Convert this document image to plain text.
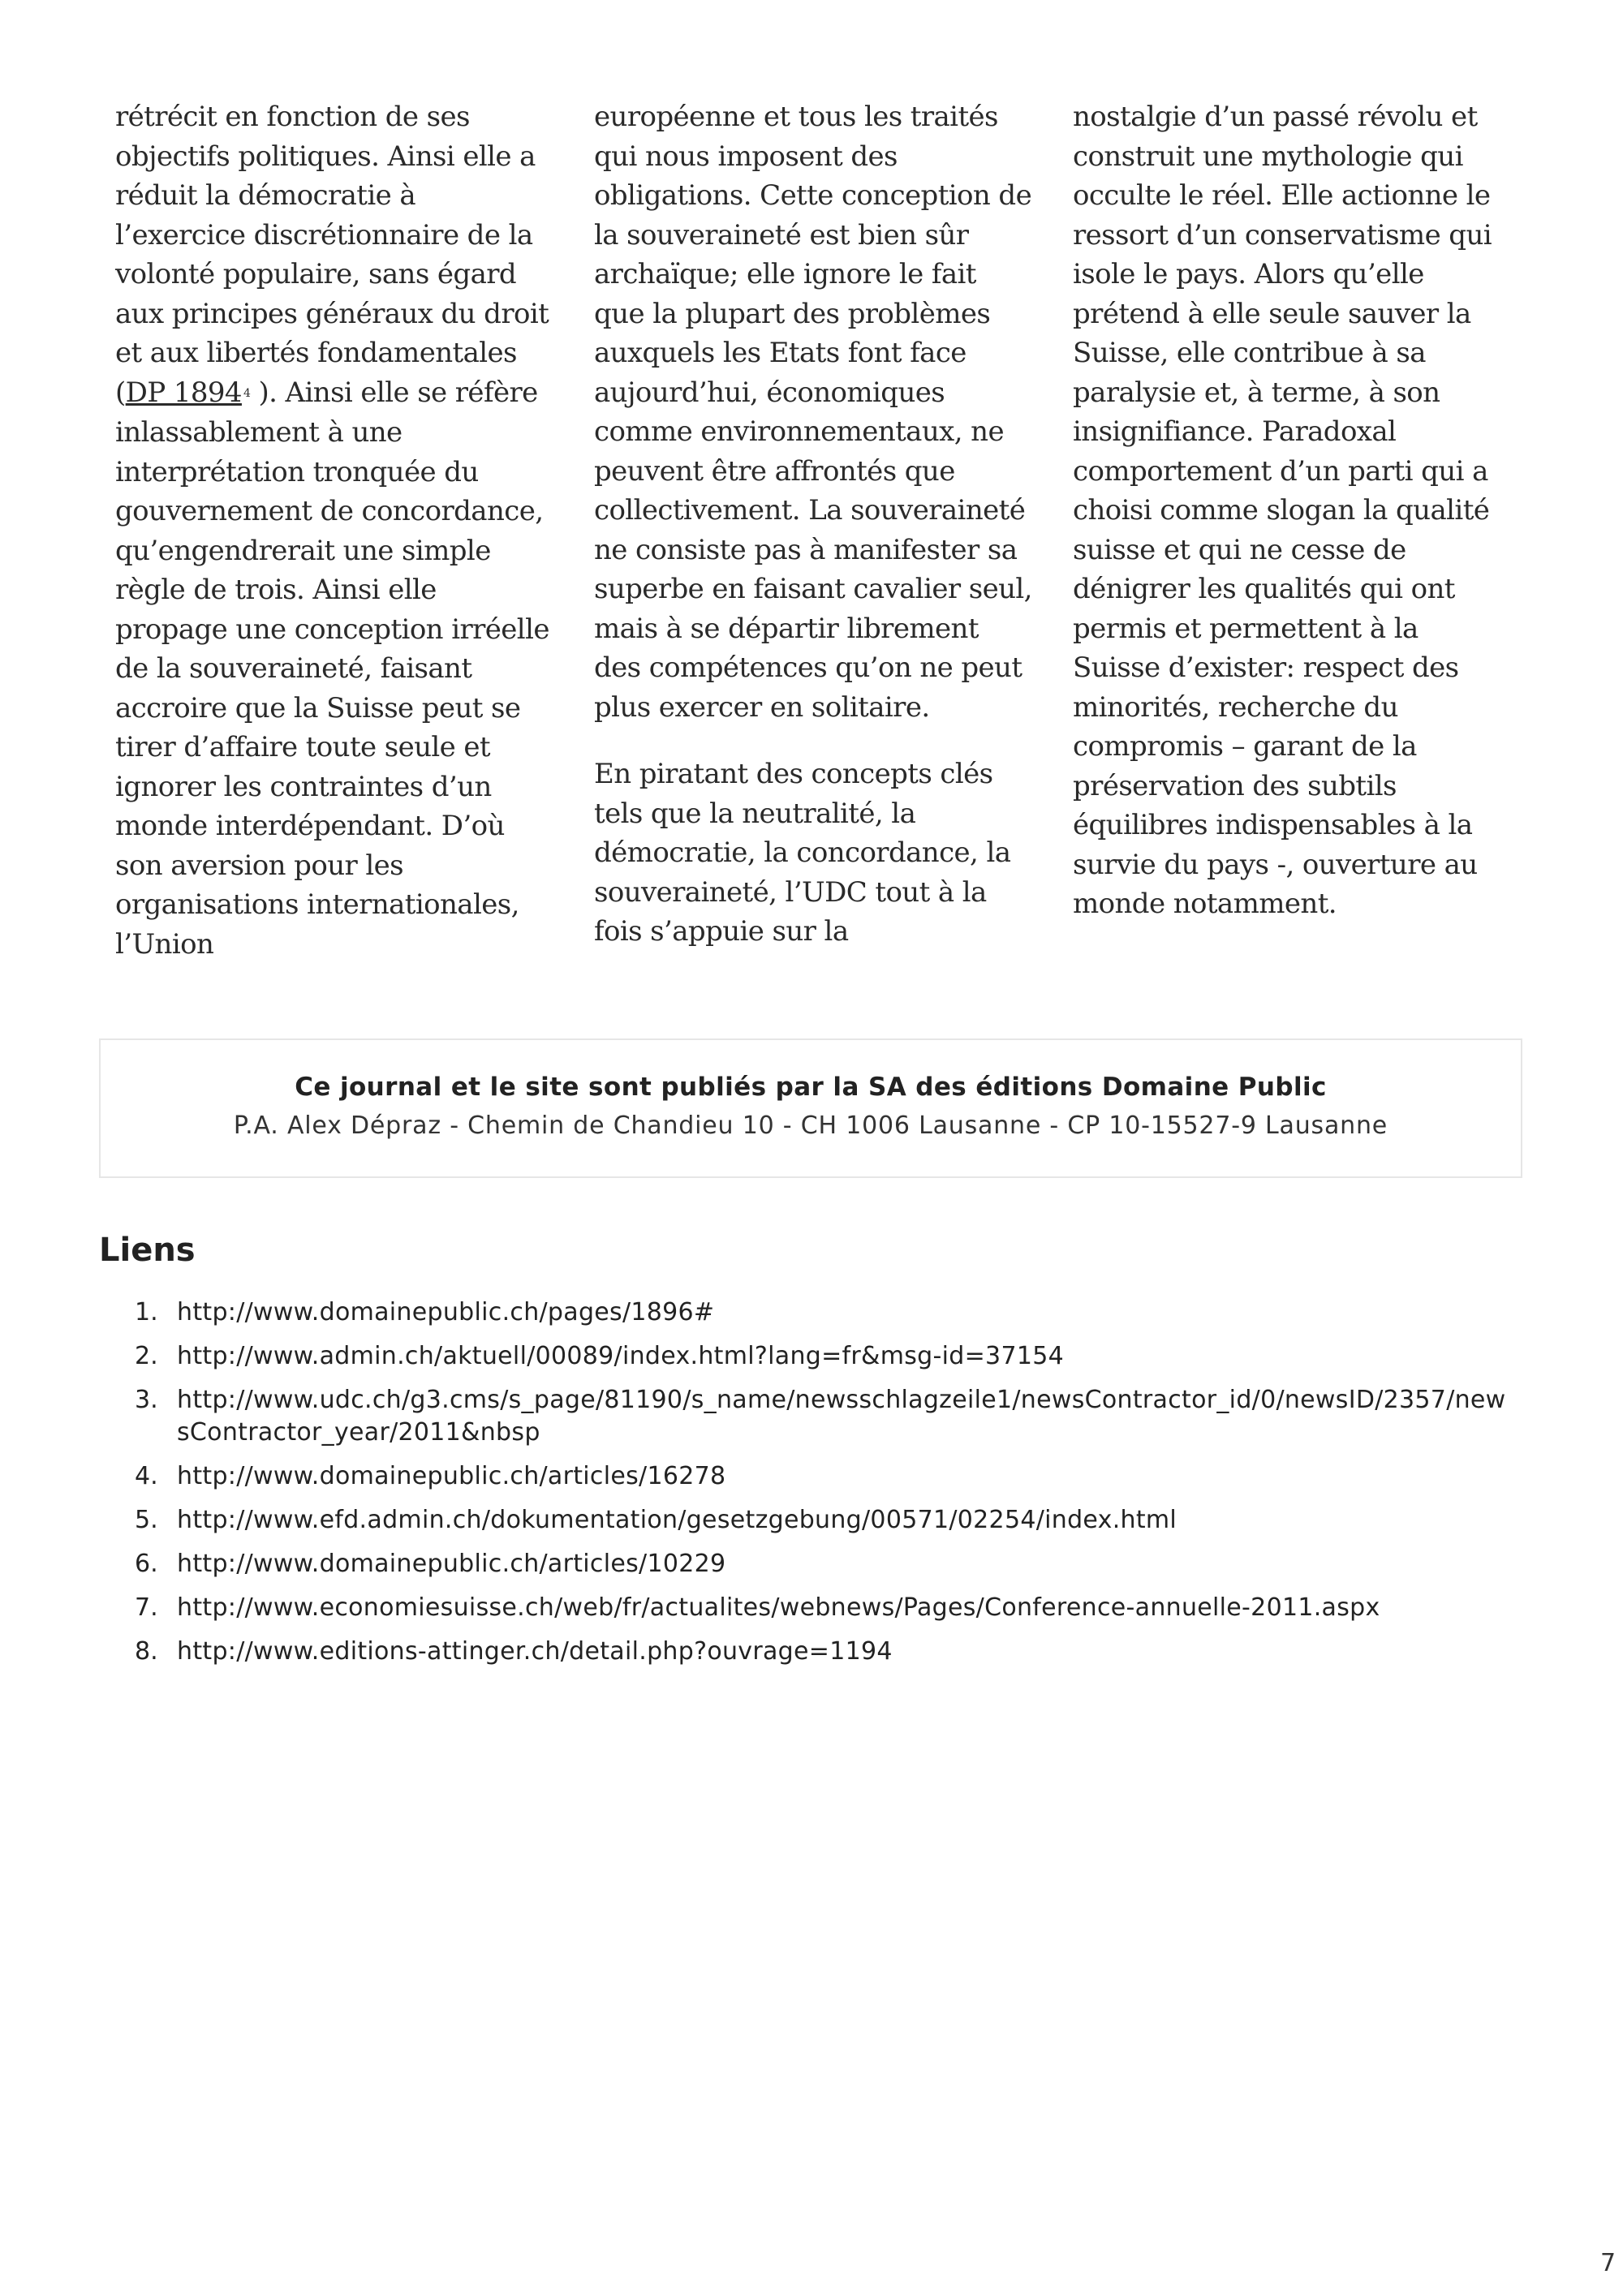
rétrécit en fonction de ses objectifs politiques. Ainsi elle a réduit la démocratie à l’exercice discrétionnaire de la volonté populaire, sans égard aux principes généraux du droit et aux libertés fondamentales (DP 1894 $^4$ ). Ainsi elle se réfère inlassablement à une interprétation tronquée du gouvernement de concordance, qu’engendrerait une simple règle de trois. Ainsi elle propage une conception irréelle de la souveraineté, faisant accroire que la Suisse peut se tirer d’affaire toute seule et ignorer les contraintes d’un monde interdépendant. D’où son aversion pour les organisations internationales, l’Union

européenne et tous les traités qui nous imposent des obligations. Cette conception de la souveraineté est bien sûr archaïque; elle ignore le fait que la plupart des problèmes auxquels les Etats font face aujourd’hui, économiques comme environnementaux, ne peuvent être affrontés que collectivement. La souveraineté ne consiste pas à manifester sa superbe en faisant cavalier seul, mais à se départir librement des compétences qu’on ne peut plus exercer en solitaire.

En piratant des concepts clés tels que la neutralité, la démocratie, la concordance, la souveraineté, l’UDC tout à la fois s’appuie sur la

nostalgie d’un passé révolu et construit une mythologie qui occulte le réel. Elle actionne le ressort d’un conservatisme qui isole le pays. Alors qu’elle prétend à elle seule sauver la Suisse, elle contribue à sa paralysie et, à terme, à son insignifiance. Paradoxal comportement d’un parti qui a choisi comme slogan la qualité suisse et qui ne cesse de dénigrer les qualités qui ont permis et permettent à la Suisse d’exister: respect des minorités, recherche du compromis – garant de la préservation des subtils équilibres indispensables à la survie du pays -, ouverture au monde notamment.

Ce journal et le site sont publiés par la SA des éditions Domaine Public
P.A. Alex Dépraz - Chemin de Chandieu 10 - CH 1006 Lausanne - CP 10-15527-9 Lausanne
Liens
1. http://www.domainepublic.ch/pages/1896#
2. http://www.admin.ch/aktuell/00089/index.html?lang=fr&msg-id=37154
3. http://www.udc.ch/g3.cms/s_page/81190/s_name/newsschlagzeile1/newsContractor_id/0/newsID/2357/newsContractor_year/2011&nbsp
4. http://www.domainepublic.ch/articles/16278
5. http://www.efd.admin.ch/dokumentation/gesetzgebung/00571/02254/index.html
6. http://www.domainepublic.ch/articles/10229
7. http://www.economiesuisse.ch/web/fr/actualites/webnews/Pages/Conference-annuelle-2011.aspx
8. http://www.editions-attinger.ch/detail.php?ouvrage=1194
7
